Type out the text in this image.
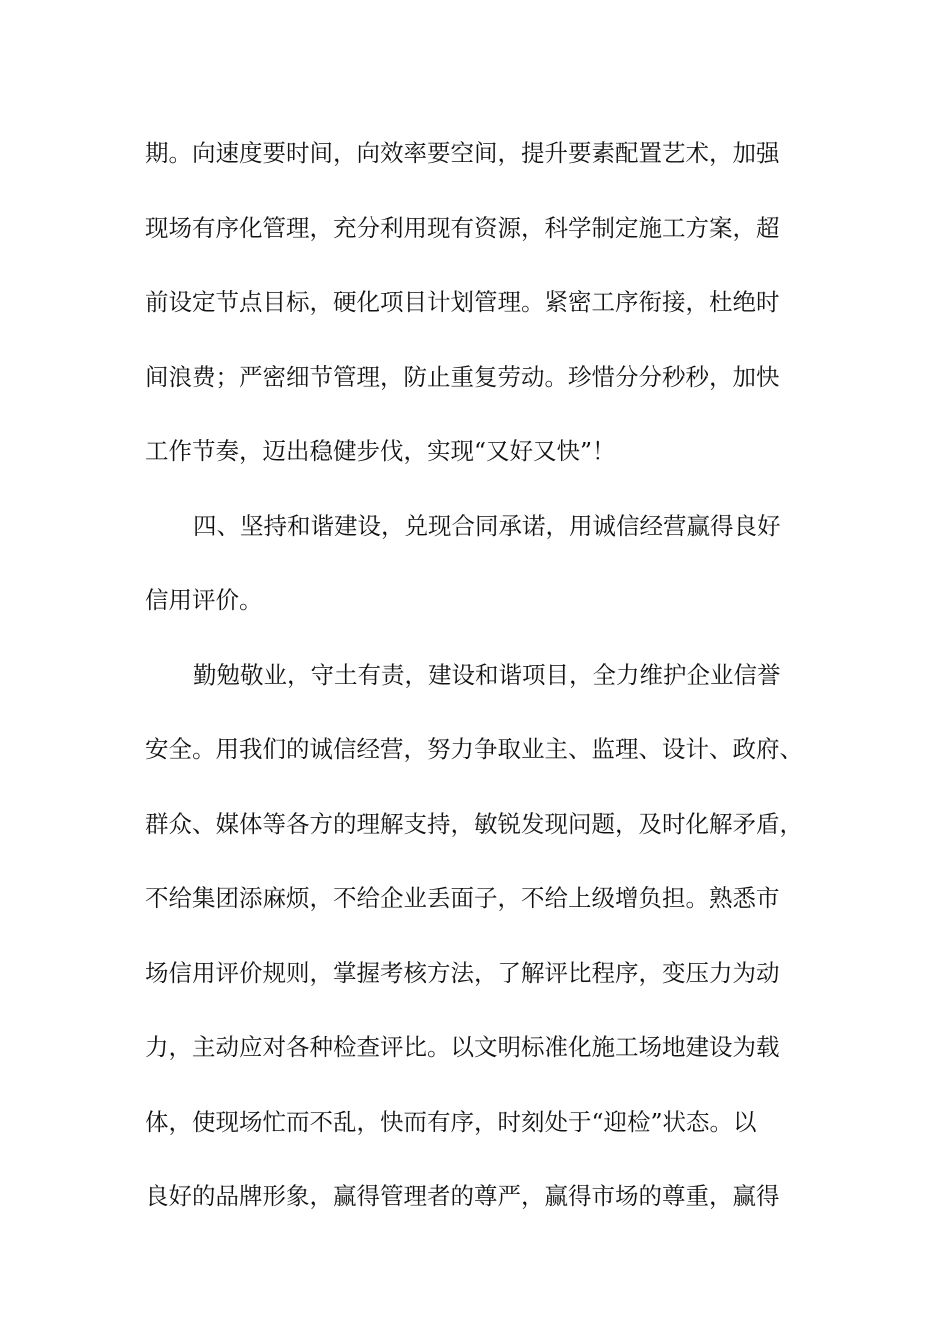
期。向速度要时间，向效率要空间，提升要素配置艺术，加强
现场有序化管理，充分利用现有资源，科学制定施工方案，超
前设定节点目标，硬化项目计划管理。紧密工序衔接，杜绝时
间浪费；严密细节管理，防止重复劳动。珍惜分分秒秒，加快
工作节奏，迈出稳健步伐，实现“又好又快”！
四、坚持和谐建设，兑现合同承诺，用诚信经营赢得良好
信用评价。
勤勉敬业，守土有责，建设和谐项目，全力维护企业信誉
安全。用我们的诚信经营，努力争取业主、监理、设计、政府、
群众、媒体等各方的理解支持，敏锐发现问题，及时化解矛盾，
不给集团添麻烦，不给企业丢面子，不给上级增负担。熟悉市
场信用评价规则，掌握考核方法，了解评比程序，变压力为动
力，主动应对各种检查评比。以文明标准化施工场地建设为载
体，使现场忙而不乱，快而有序，时刻处于“迎检”状态。以
良好的品牌形象，赢得管理者的尊严，赢得市场的尊重，赢得
